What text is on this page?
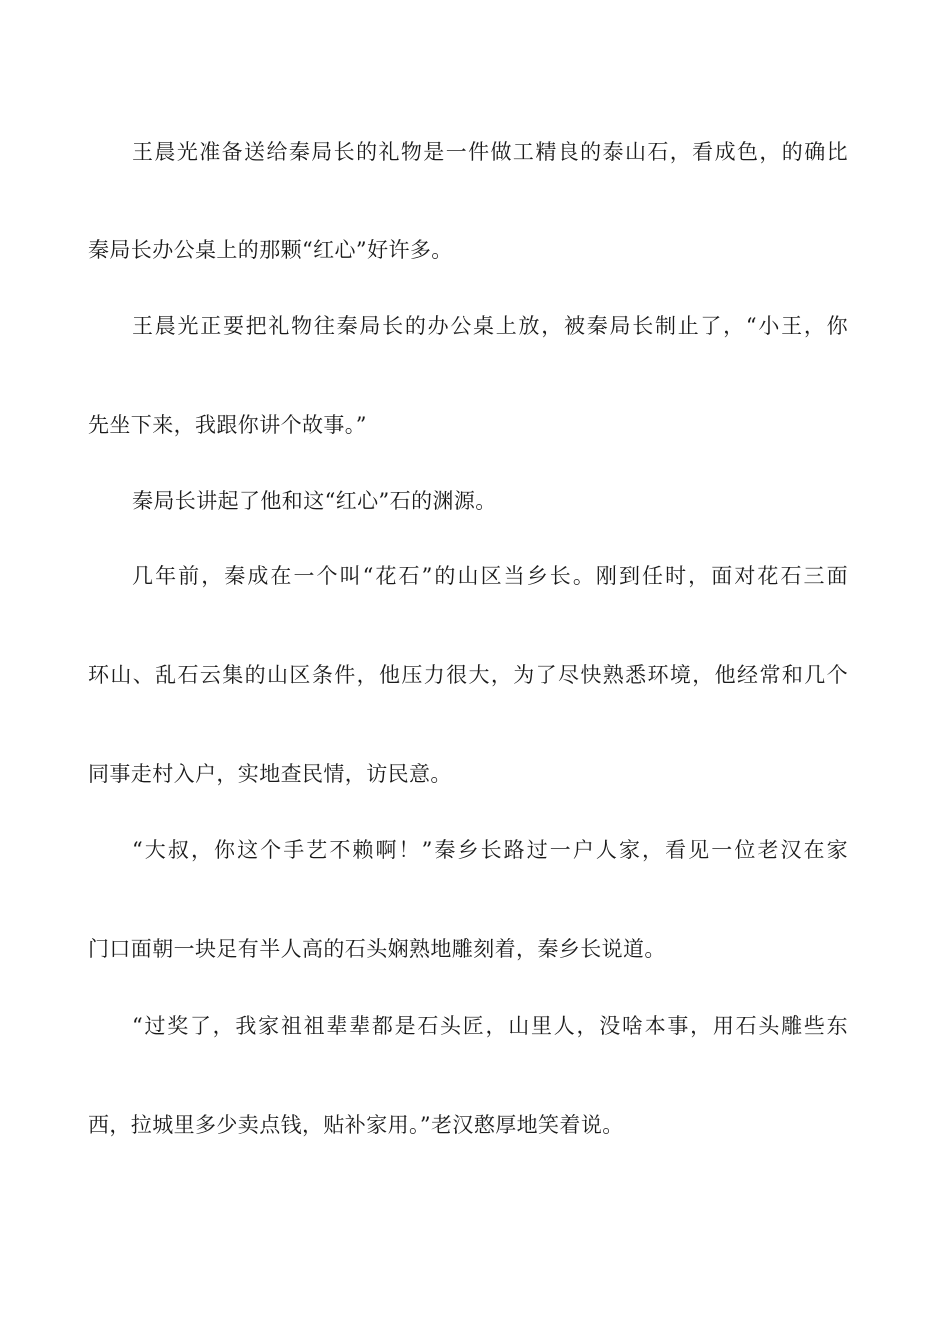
王晨光准备送给秦局长的礼物是一件做工精良的泰山石，看成色，的确比
秦局长办公桌上的那颗“红心”好许多。
王晨光正要把礼物往秦局长的办公桌上放，被秦局长制止了，“小王，你
先坐下来，我跟你讲个故事。”
秦局长讲起了他和这“红心”石的渊源。
几年前，秦成在一个叫“花石”的山区当乡长。刚到任时，面对花石三面
环山、乱石云集的山区条件，他压力很大，为了尽快熟悉环境，他经常和几个
同事走村入户，实地查民情，访民意。
“大叔，你这个手艺不赖啊！”秦乡长路过一户人家，看见一位老汉在家
门口面朝一块足有半人高的石头娴熟地雕刻着，秦乡长说道。
“过奖了，我家祖祖辈辈都是石头匠，山里人，没啥本事，用石头雕些东
西，拉城里多少卖点钱，贴补家用。”老汉憨厚地笑着说。
